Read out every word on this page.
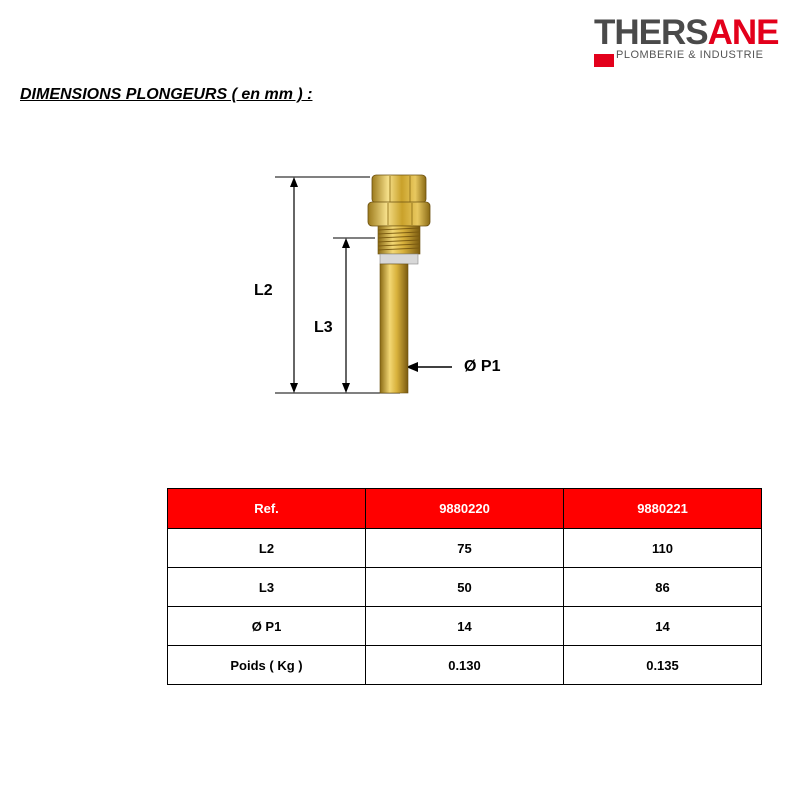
THERSANE
PLOMBERIE & INDUSTRIE
DIMENSIONS PLONGEURS ( en mm ) :
L2
L3
Ø P1
Ref.	9880220	9880221
L2	75	110
L3	50	86
Ø P1	14	14
Poids ( Kg )	0.130	0.135
